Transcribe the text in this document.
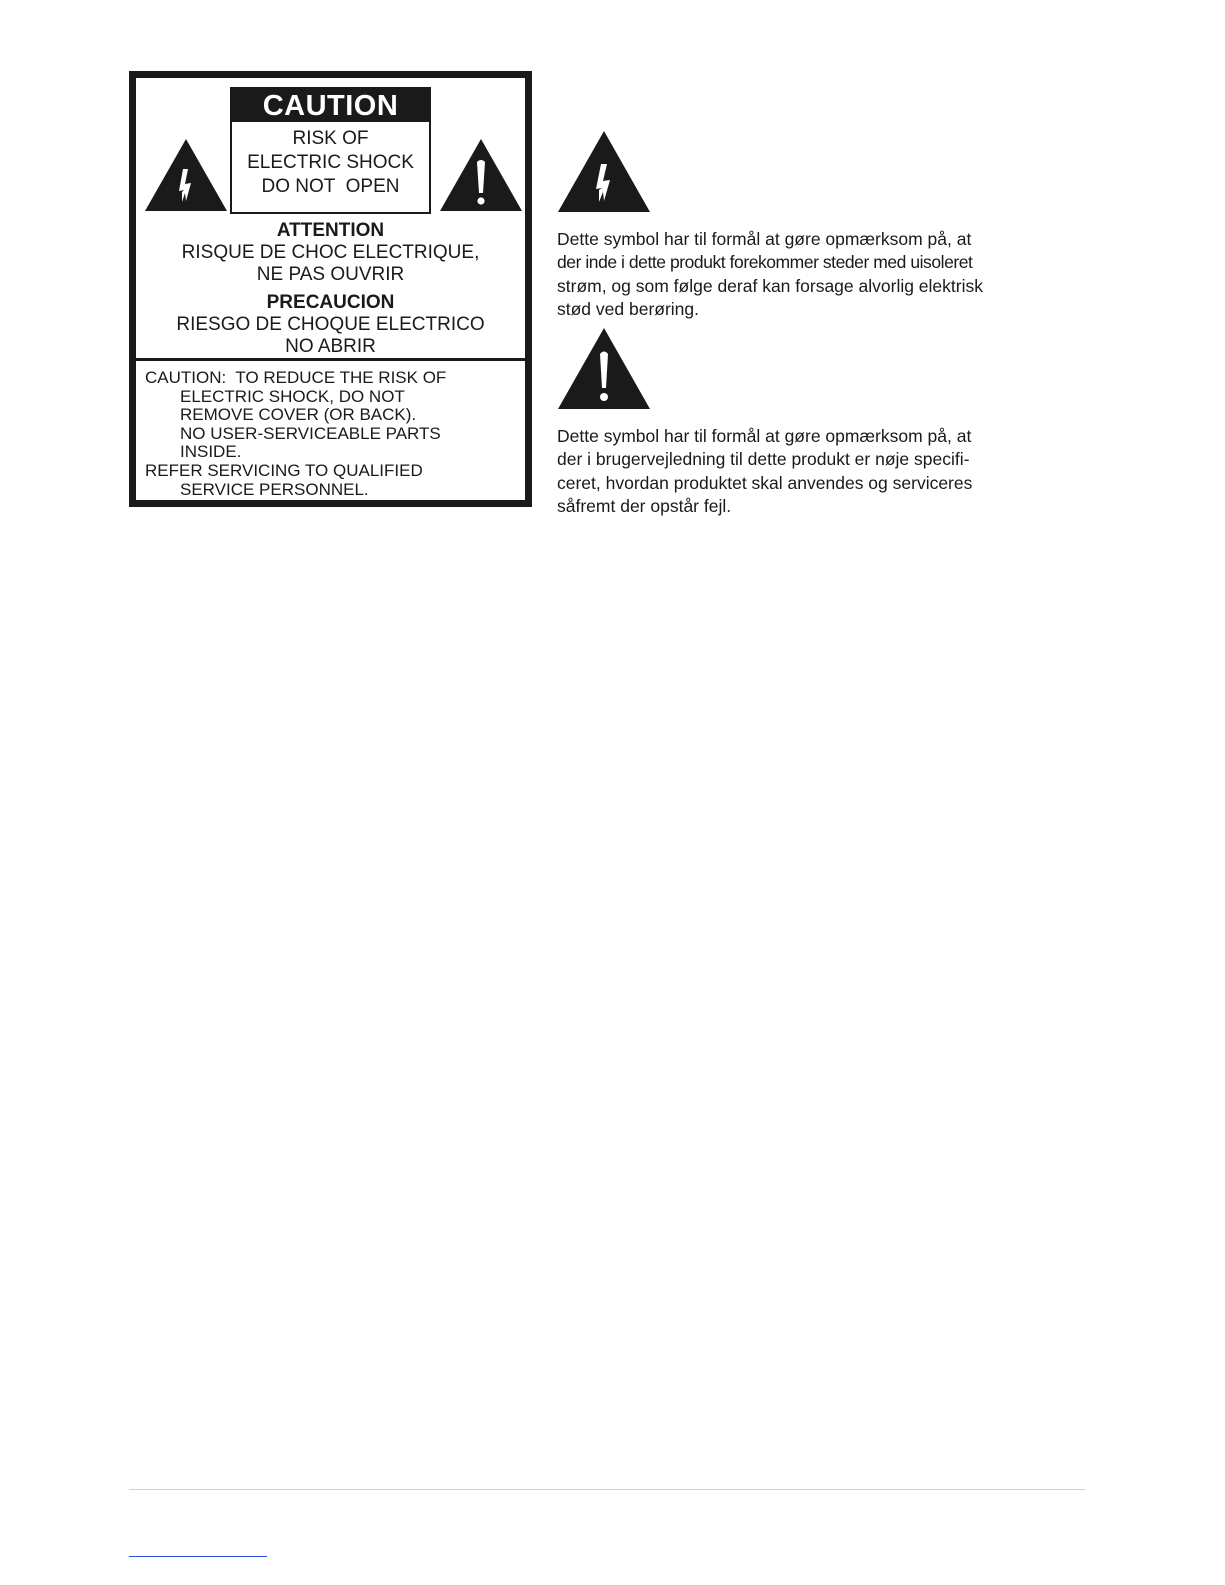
CAUTION
RISK OF
ELECTRIC SHOCK
DO NOT  OPEN
ATTENTION
RISQUE DE CHOC ELECTRIQUE,
NE PAS OUVRIR
PRECAUCION
RIESGO DE CHOQUE ELECTRICO
NO ABRIR
CAUTION:  TO REDUCE THE RISK OF
ELECTRIC SHOCK, DO NOT
REMOVE COVER (OR BACK).
NO USER-SERVICEABLE PARTS
INSIDE.
REFER SERVICING TO QUALIFIED
SERVICE PERSONNEL.
Dette symbol har til formål at gøre opmærksom på, at
der inde i dette produkt forekommer steder med uisoleret
strøm, og som følge deraf kan forsage alvorlig elektrisk
stød ved berøring.
Dette symbol har til formål at gøre opmærksom på, at
der i brugervejledning til dette produkt er nøje specifi-
ceret, hvordan produktet skal anvendes og serviceres
såfremt der opstår fejl.
